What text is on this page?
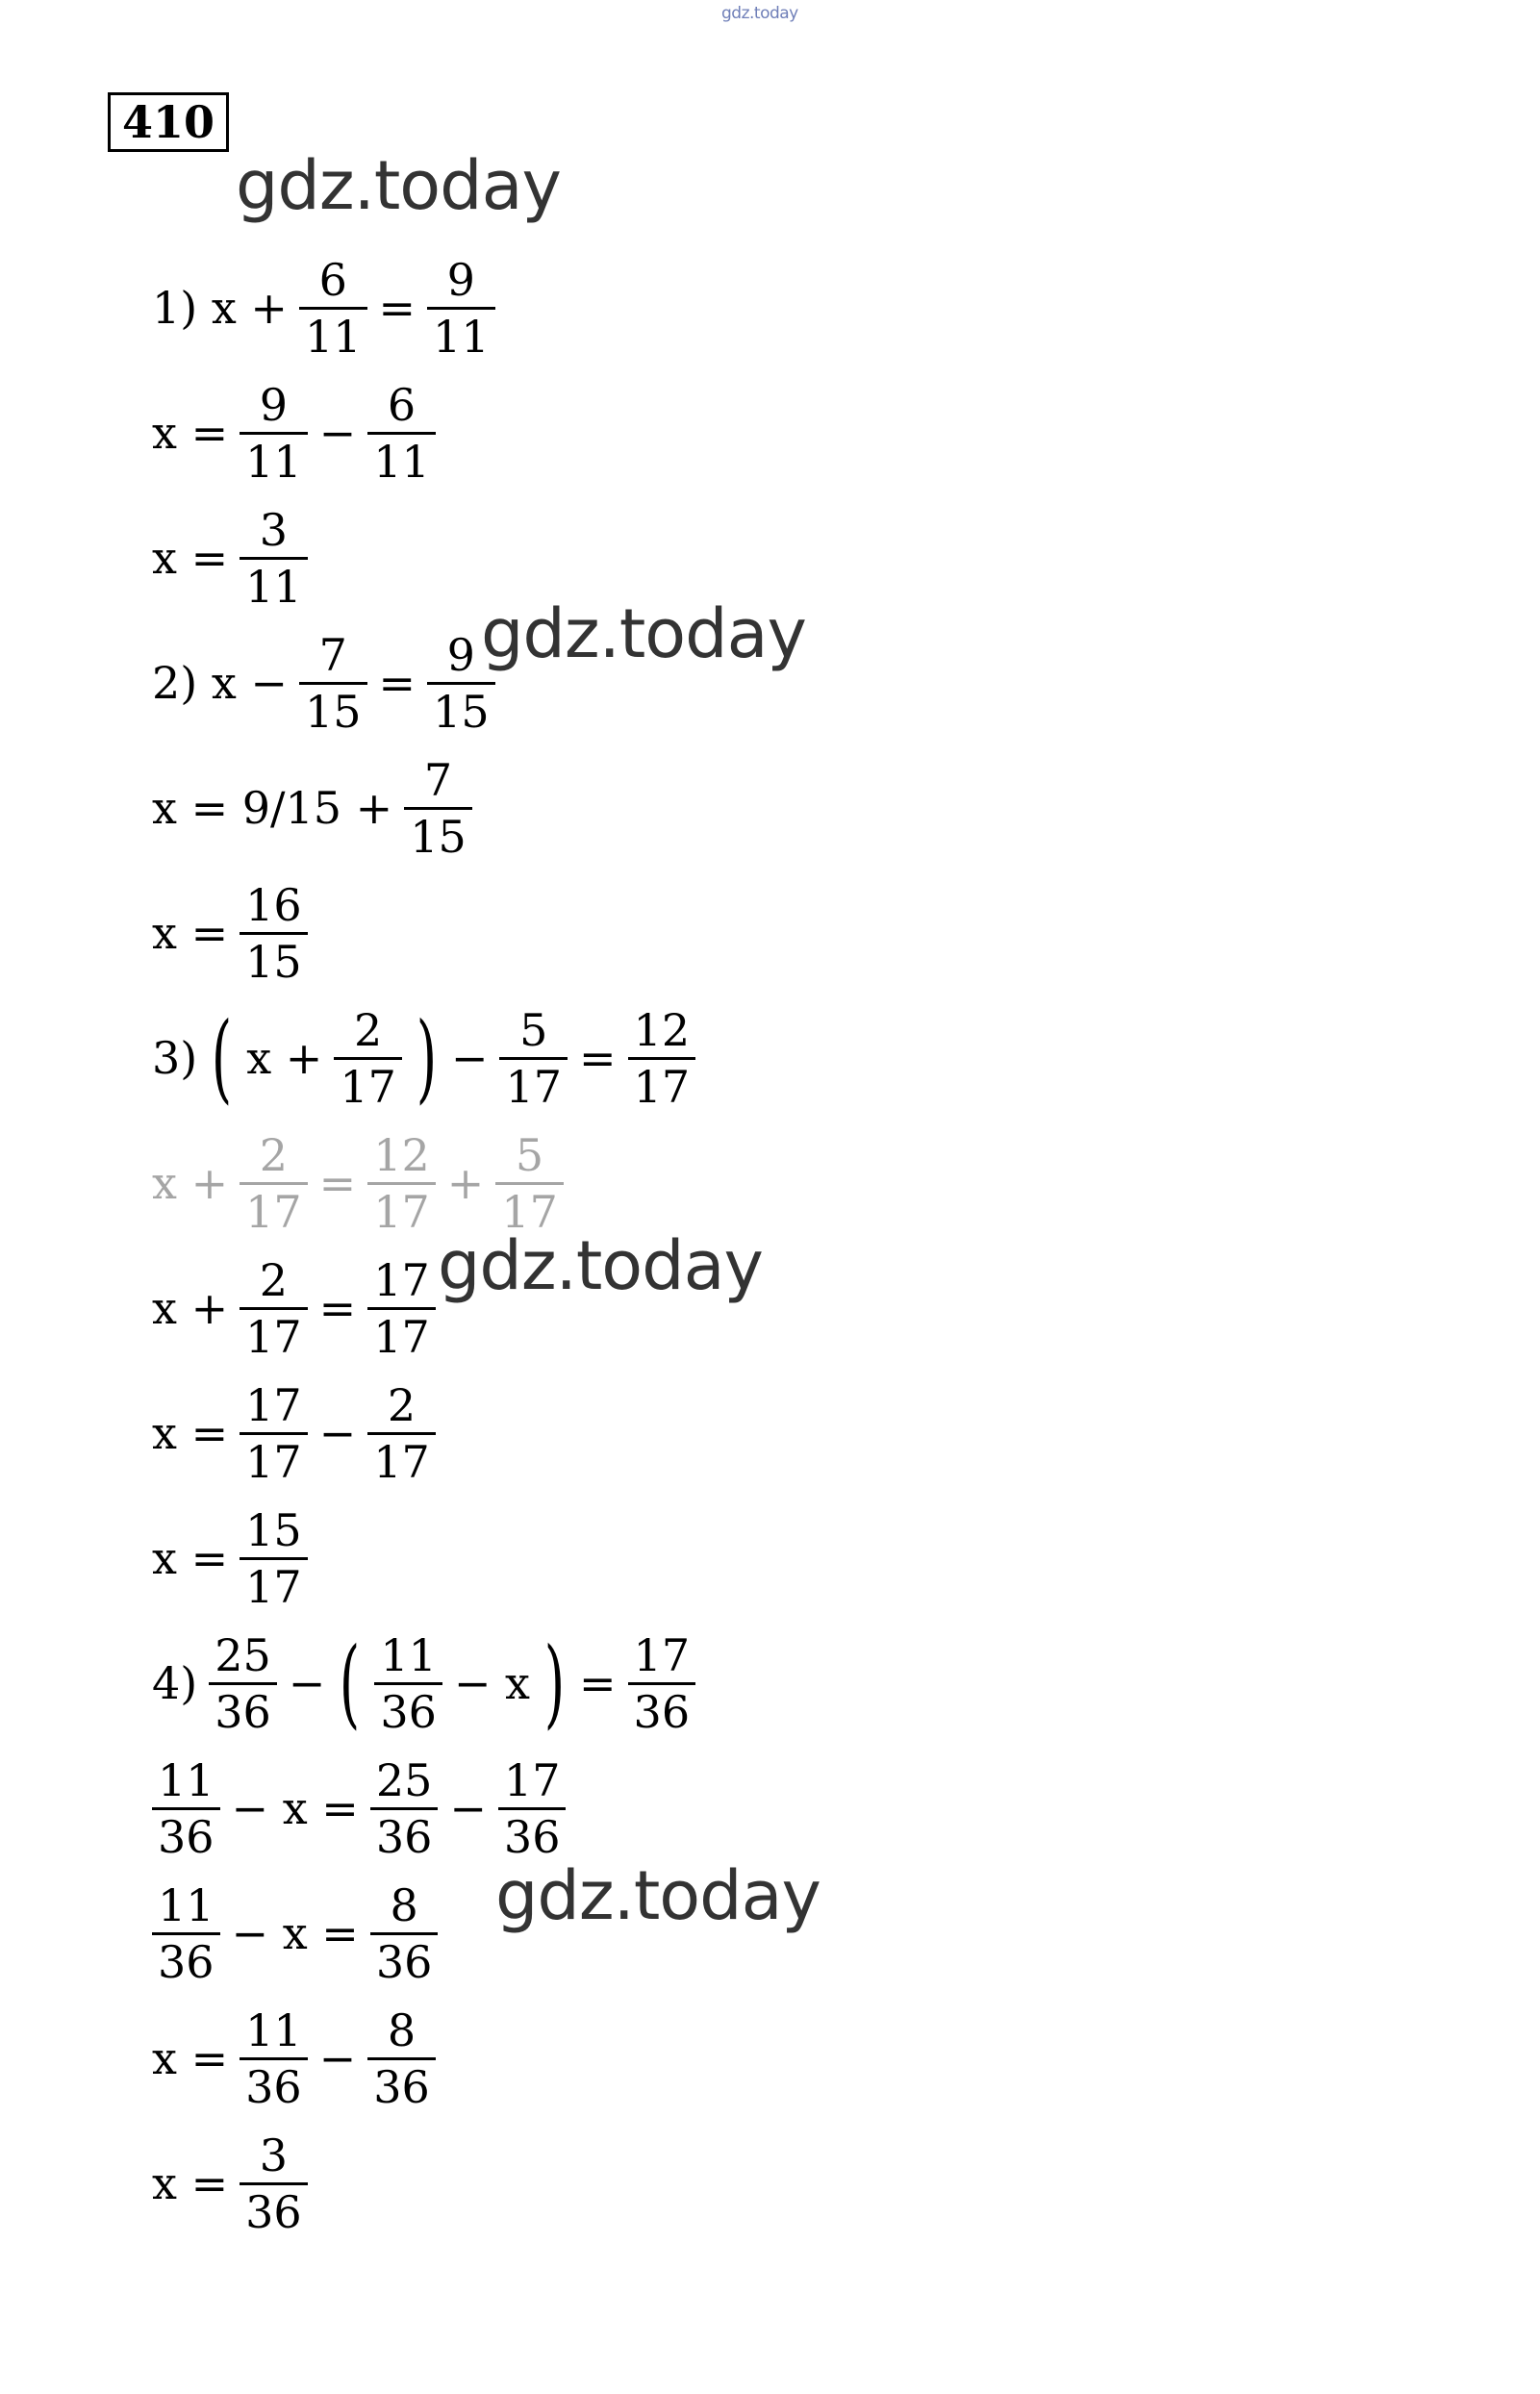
gdz.today
410
1) $x + \frac{6}{11} = \frac{9}{11}$
$x = \frac{9}{11} - \frac{6}{11}$
$x = \frac{3}{11}$
2) $x - \frac{7}{15} = \frac{9}{15}$
$x = 9/15 + \frac{7}{15}$
$x = \frac{16}{15}$
3) ( $x + \frac{2}{17}$ ) − $\frac{5}{17} = \frac{12}{17}$
$x + \frac{2}{17} = \frac{12}{17} + \frac{5}{17}$
$x + \frac{2}{17} = \frac{17}{17}$
$x = \frac{17}{17} - \frac{2}{17}$
$x = \frac{15}{17}$
$4) \frac{25}{36}$ − ( $\frac{11}{36} - x$ ) = $\frac{17}{36}$
$\frac{11}{36} - x = \frac{25}{36} - \frac{17}{36}$
$\frac{11}{36} - x = \frac{8}{36}$
$x = \frac{11}{36} - \frac{8}{36}$
$x = \frac{3}{36}$
gdz.today
gdz.today
gdz.today
gdz.today
